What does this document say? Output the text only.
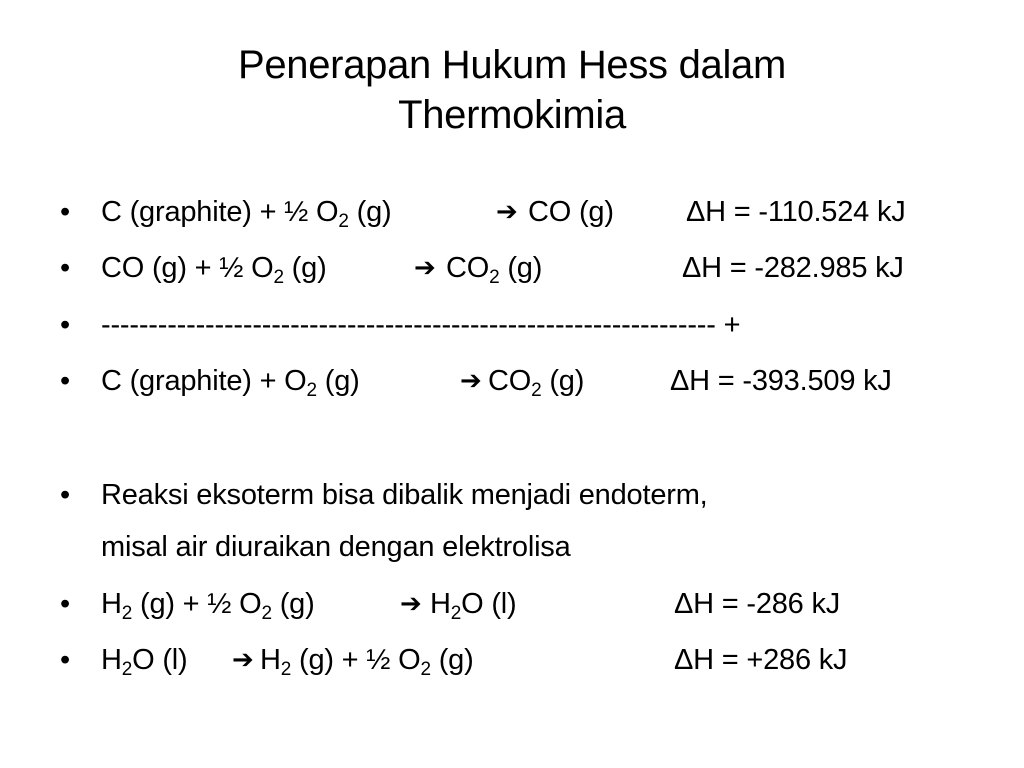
Penerapan Hukum Hess dalam
Thermokimia
•	C (graphite) + ½ $O_2$ (g)	➔ CO (g) ΔH = -110.524 kJ
•	CO (g) + ½ $O_2$ (g)	➔ $CO_2$ (g)	ΔH = -282.985 kJ
•	----------------------------------------------------------------- +
•	C (graphite) + $O_2$ (g)	➔ $CO_2$ (g)	ΔH = -393.509 kJ
•	Reaksi eksoterm bisa dibalik menjadi endoterm,
misal air diuraikan dengan elektrolisa
•	$H_2$ (g) + ½ $O_2$ (g)	➔ $H_2O$ (l)	ΔH = -286 kJ
•	$H_2O$ (l) ➔ $H_2$ (g) + ½ $O_2$ (g)	ΔH = +286 kJ
